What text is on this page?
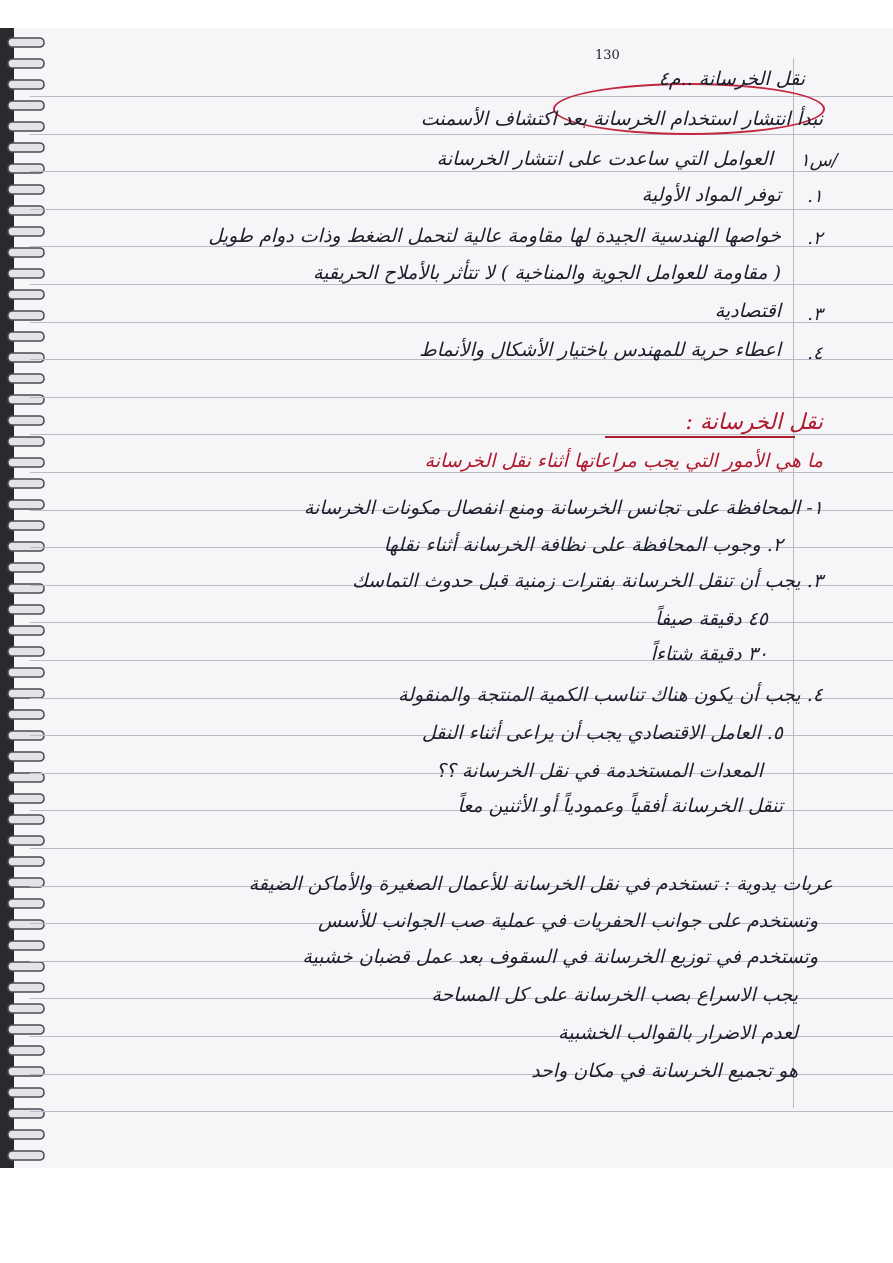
130
نقل الخرسانة ..م٤
نبدأ انتشار استخدام الخرسانة بعد اكتشاف الأسمنت
س١/
العوامل التي ساعدت على انتشار الخرسانة
١.
توفر المواد الأولية
٢.
خواصها الهندسية الجيدة لها مقاومة عالية لتحمل الضغط وذات دوام طويل
( مقاومة للعوامل الجوية والمناخية ) لا تتأثر بالأملاح الحريقية
٣.
اقتصادية
٤.
اعطاء حرية للمهندس باختيار الأشكال والأنماط
نقل الخرسانة :
ما هي الأمور التي يجب مراعاتها أثناء نقل الخرسانة
١- المحافظة على تجانس الخرسانة ومنع انفصال مكونات الخرسانة
٢. وجوب المحافظة على نظافة الخرسانة أثناء نقلها
٣. يجب أن تنقل الخرسانة بفترات زمنية قبل حدوث التماسك
٤٥ دقيقة صيفاً
٣٠ دقيقة شتاءاً
٤. يجب أن يكون هناك تناسب الكمية المنتجة والمنقولة
٥. العامل الاقتصادي يجب أن يراعى أثناء النقل
المعدات المستخدمة في نقل الخرسانة ؟؟
تنقل الخرسانة أفقياً وعمودياً أو الأثنين معاً
عربات يدوية : تستخدم في نقل الخرسانة للأعمال الصغيرة والأماكن الضيقة
وتستخدم على جوانب الحفريات في عملية صب الجوانب للأسس
وتستخدم في توزيع الخرسانة في السقوف بعد عمل قضبان خشبية
يجب الاسراع بصب الخرسانة على كل المساحة
لعدم الاضرار بالقوالب الخشبية
هو تجميع الخرسانة في مكان واحد
